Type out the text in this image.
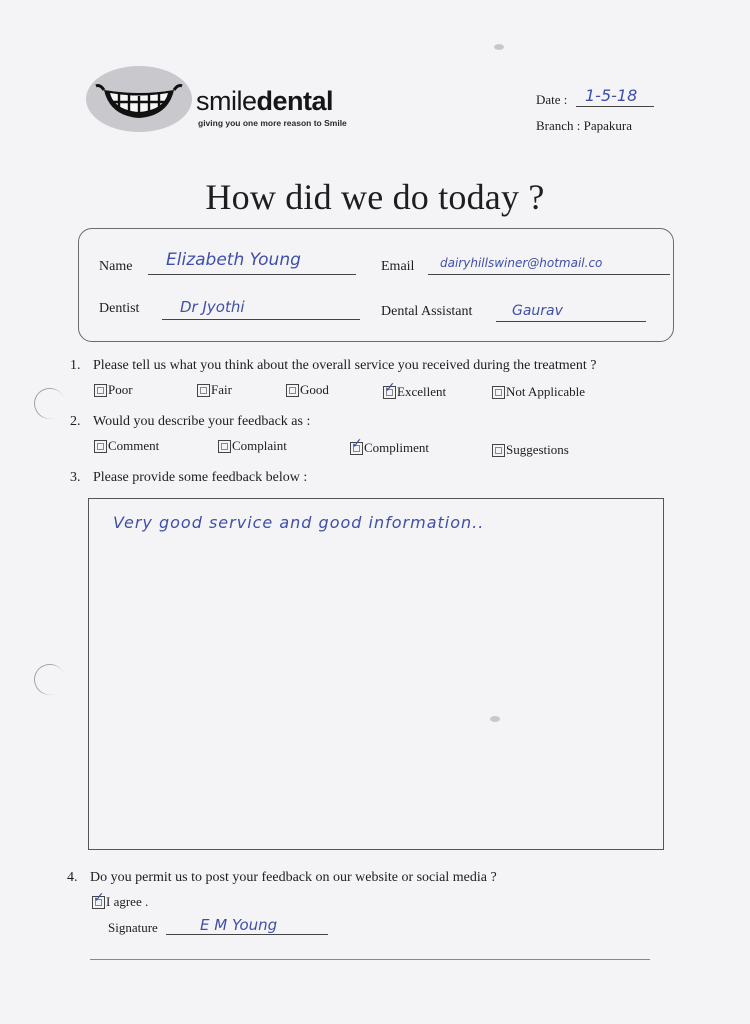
smiledental
giving you one more reason to Smile
Date : 1-5-18
Branch : Papakura
How did we do today ?
Name Elizabeth Young	Email dairyhillswiner@hotmail.co
Dentist	Dr Jyothi	Dental Assistant	Gaurav
1. Please tell us what you think about the overall service you received during the treatment ?
Poor	Fair	Good ✓	Excellent	Not Applicable
2. Would you describe your feedback as :
Comment	Complaint ✓	Compliment	Suggestions
3. Please provide some feedback below :
Very good service and good information..
4. Do you permit us to post your feedback on our website or social media ?
✓
I agree .
Signature	E M Young
